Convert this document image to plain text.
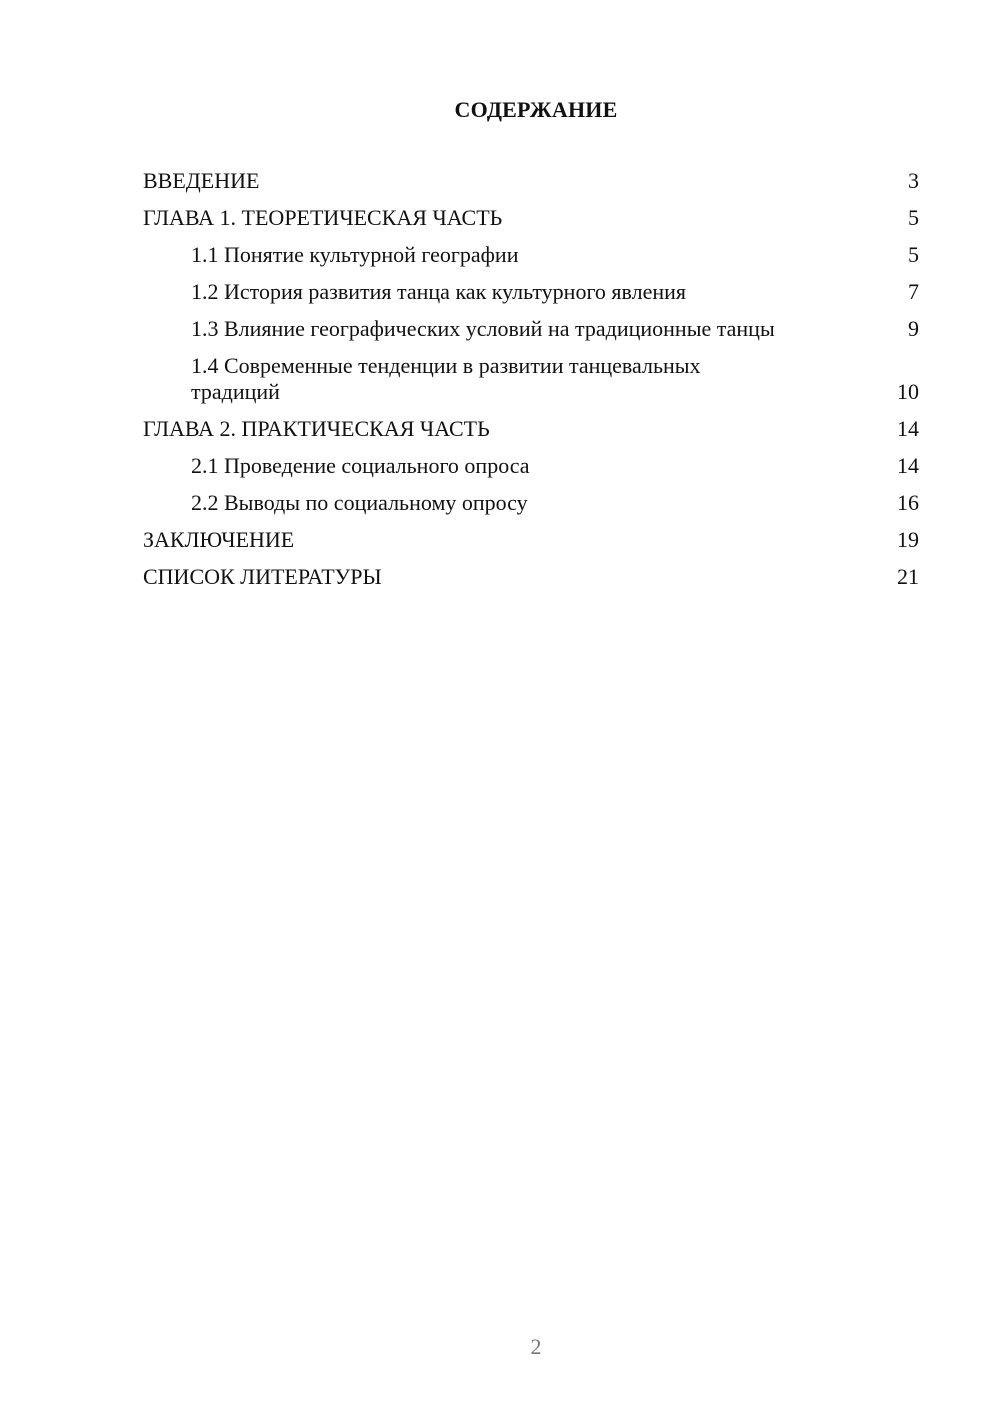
СОДЕРЖАНИЕ
ВВЕДЕНИЕ	3
ГЛАВА 1. ТЕОРЕТИЧЕСКАЯ ЧАСТЬ	5
1.1 Понятие культурной географии	5
1.2 История развития танца как культурного явления	7
1.3 Влияние географических условий на традиционные танцы	9
1.4 Современные тенденции в развитии танцевальных традиций	10
ГЛАВА 2. ПРАКТИЧЕСКАЯ ЧАСТЬ	14
2.1 Проведение социального опроса	14
2.2 Выводы по социальному опросу	16
ЗАКЛЮЧЕНИЕ	19
СПИСОК ЛИТЕРАТУРЫ	21
2
